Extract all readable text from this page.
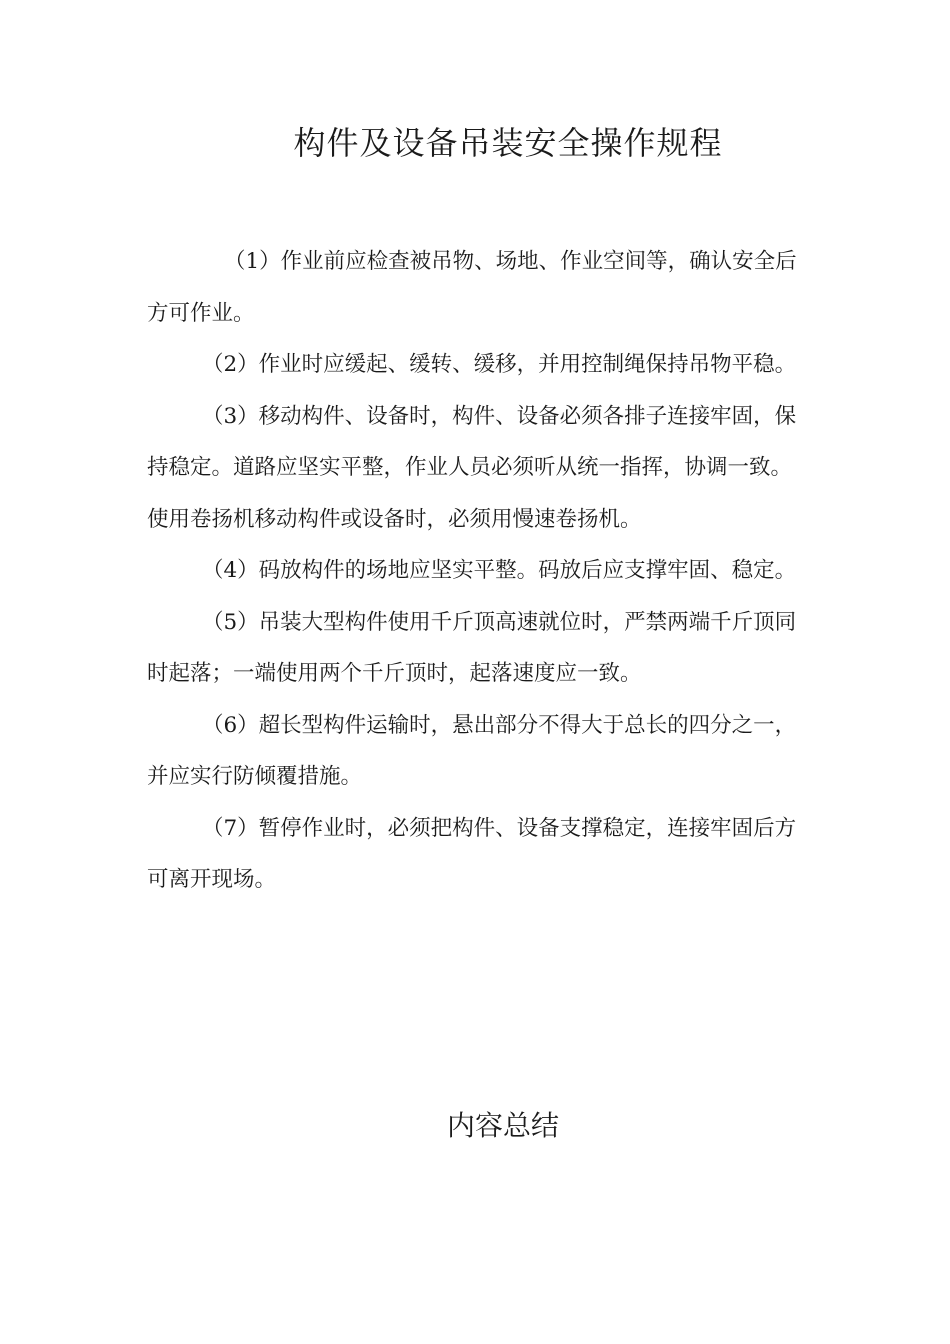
构件及设备吊装安全操作规程

（1）作业前应检查被吊物、场地、作业空间等，确认安全后方可作业。

（2）作业时应缓起、缓转、缓移，并用控制绳保持吊物平稳。

（3）移动构件、设备时，构件、设备必须各排子连接牢固，保持稳定。道路应坚实平整，作业人员必须听从统一指挥，协调一致。使用卷扬机移动构件或设备时，必须用慢速卷扬机。

（4）码放构件的场地应坚实平整。码放后应支撑牢固、稳定。

（5）吊装大型构件使用千斤顶高速就位时，严禁两端千斤顶同时起落；一端使用两个千斤顶时，起落速度应一致。

（6）超长型构件运输时，悬出部分不得大于总长的四分之一，并应实行防倾覆措施。

（7）暂停作业时，必须把构件、设备支撑稳定，连接牢固后方可离开现场。

内容总结
